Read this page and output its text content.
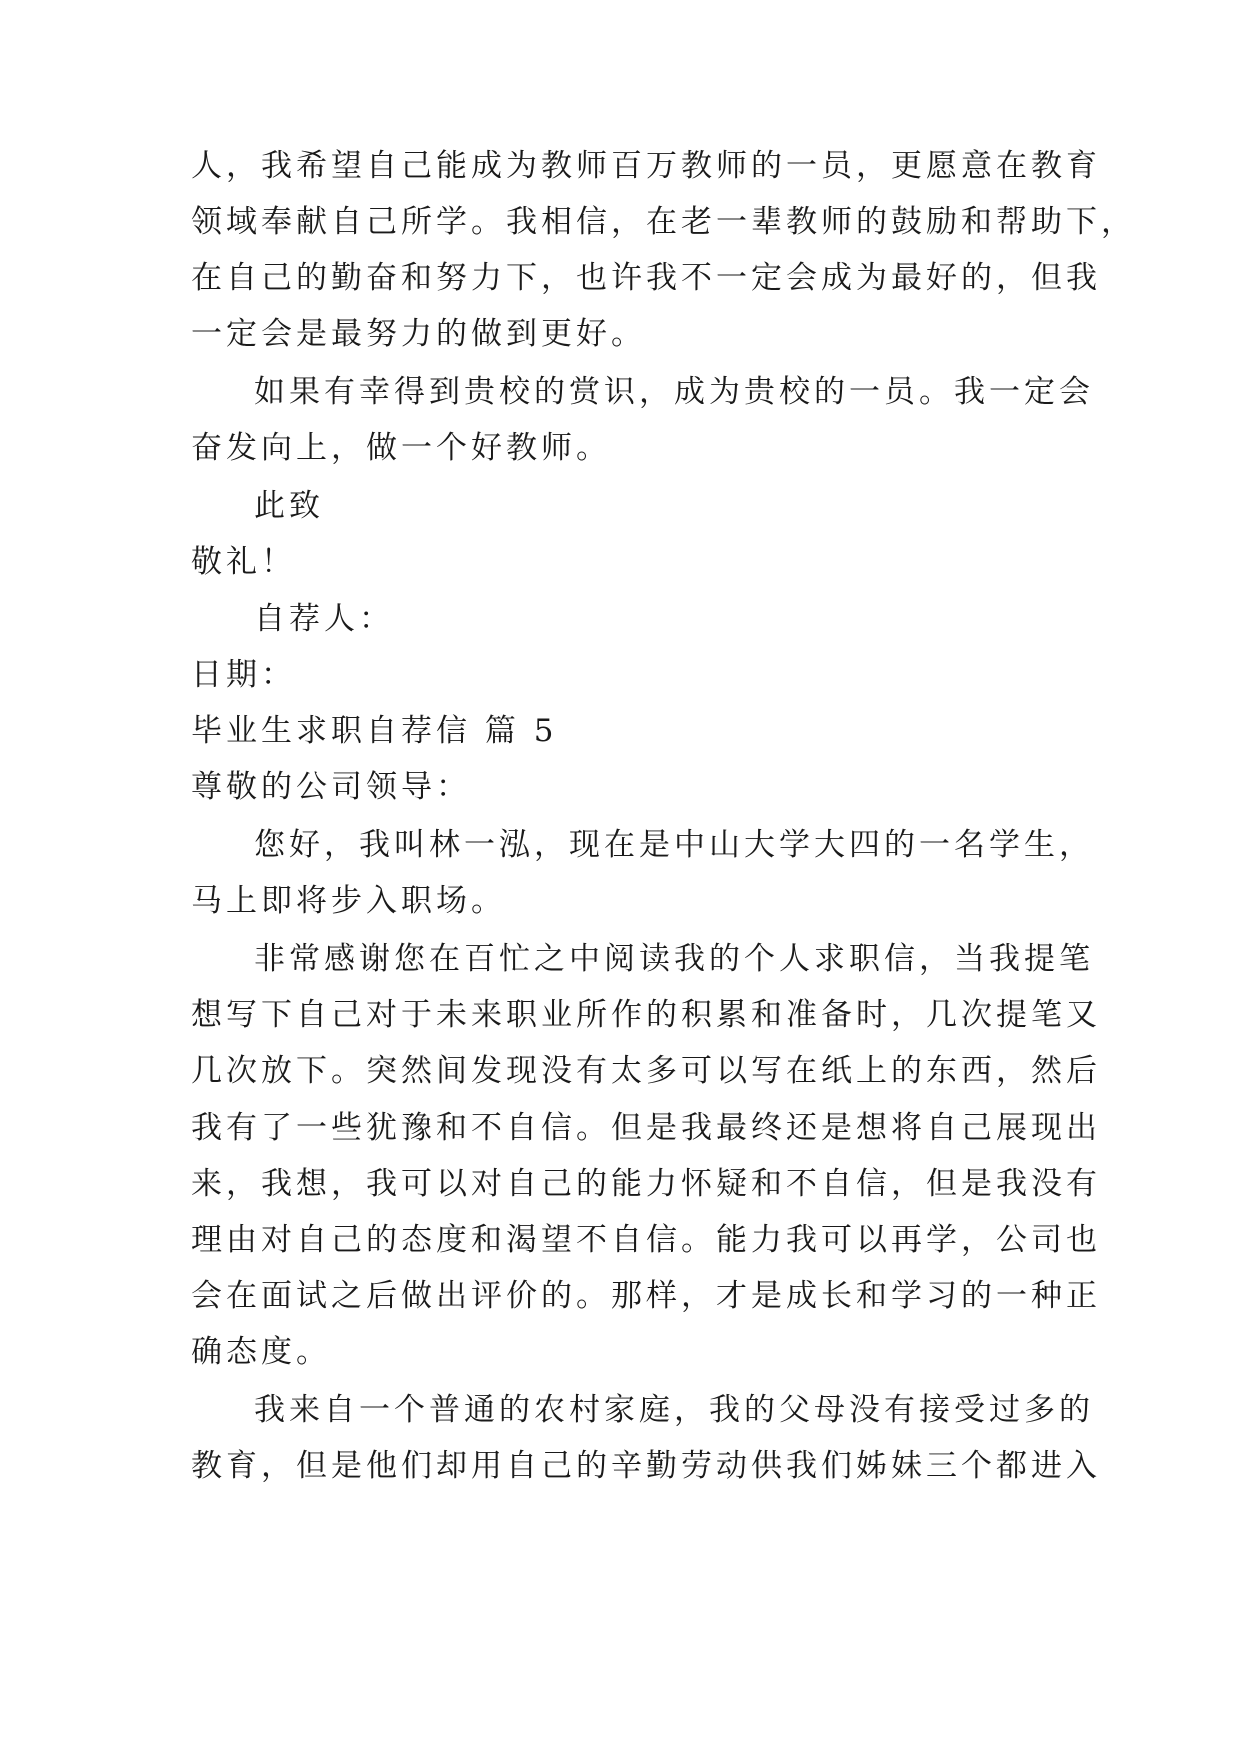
人，我希望自己能成为教师百万教师的一员，更愿意在教育
领域奉献自己所学。我相信，在老一辈教师的鼓励和帮助下，
在自己的勤奋和努力下，也许我不一定会成为最好的，但我
一定会是最努力的做到更好。
如果有幸得到贵校的赏识，成为贵校的一员。我一定会
奋发向上，做一个好教师。
此致
敬礼！
自荐人：
日期：
毕业生求职自荐信 篇 5
尊敬的公司领导：
您好，我叫林一泓，现在是中山大学大四的一名学生，
马上即将步入职场。
非常感谢您在百忙之中阅读我的个人求职信，当我提笔
想写下自己对于未来职业所作的积累和准备时，几次提笔又
几次放下。突然间发现没有太多可以写在纸上的东西，然后
我有了一些犹豫和不自信。但是我最终还是想将自己展现出
来，我想，我可以对自己的能力怀疑和不自信，但是我没有
理由对自己的态度和渴望不自信。能力我可以再学，公司也
会在面试之后做出评价的。那样，才是成长和学习的一种正
确态度。
我来自一个普通的农村家庭，我的父母没有接受过多的
教育，但是他们却用自己的辛勤劳动供我们姊妹三个都进入
